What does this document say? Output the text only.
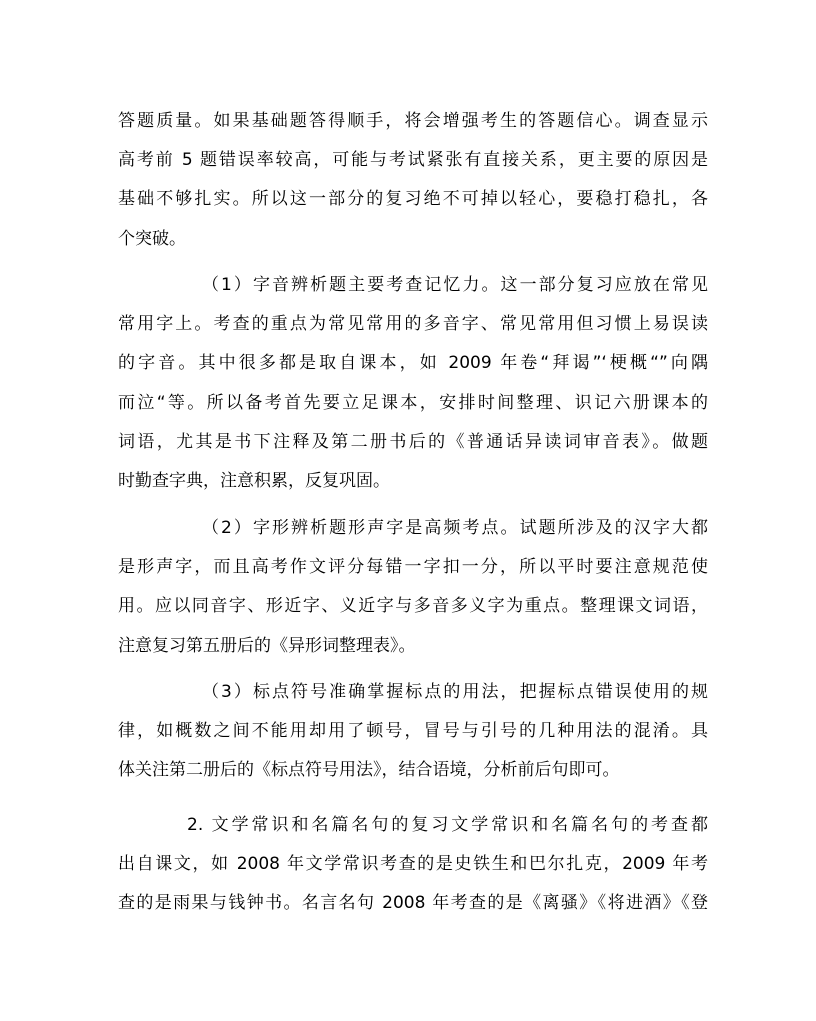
答题质量。如果基础题答得顺手，将会增强考生的答题信心。调查显示
高考前 5 题错误率较高，可能与考试紧张有直接关系，更主要的原因是
基础不够扎实。所以这一部分的复习绝不可掉以轻心，要稳打稳扎，各
个突破。
（1）字音辨析题主要考查记忆力。这一部分复习应放在常见
常用字上。考查的重点为常见常用的多音字、常见常用但习惯上易误读
的字音。其中很多都是取自课本，如 2009 年卷“拜谒”‘梗概“”向隅
而泣“等。所以备考首先要立足课本，安排时间整理、识记六册课本的
词语，尤其是书下注释及第二册书后的《普通话异读词审音表》。做题
时勤查字典，注意积累，反复巩固。
（2）字形辨析题形声字是高频考点。试题所涉及的汉字大都
是形声字，而且高考作文评分每错一字扣一分，所以平时要注意规范使
用。应以同音字、形近字、义近字与多音多义字为重点。整理课文词语，
注意复习第五册后的《异形词整理表》。
（3）标点符号准确掌握标点的用法，把握标点错误使用的规
律，如概数之间不能用却用了顿号，冒号与引号的几种用法的混淆。具
体关注第二册后的《标点符号用法》，结合语境，分析前后句即可。
2. 文学常识和名篇名句的复习文学常识和名篇名句的考查都
出自课文，如 2008 年文学常识考查的是史铁生和巴尔扎克，2009 年考
查的是雨果与钱钟书。名言名句 2008 年考查的是《离骚》《将进酒》《登
